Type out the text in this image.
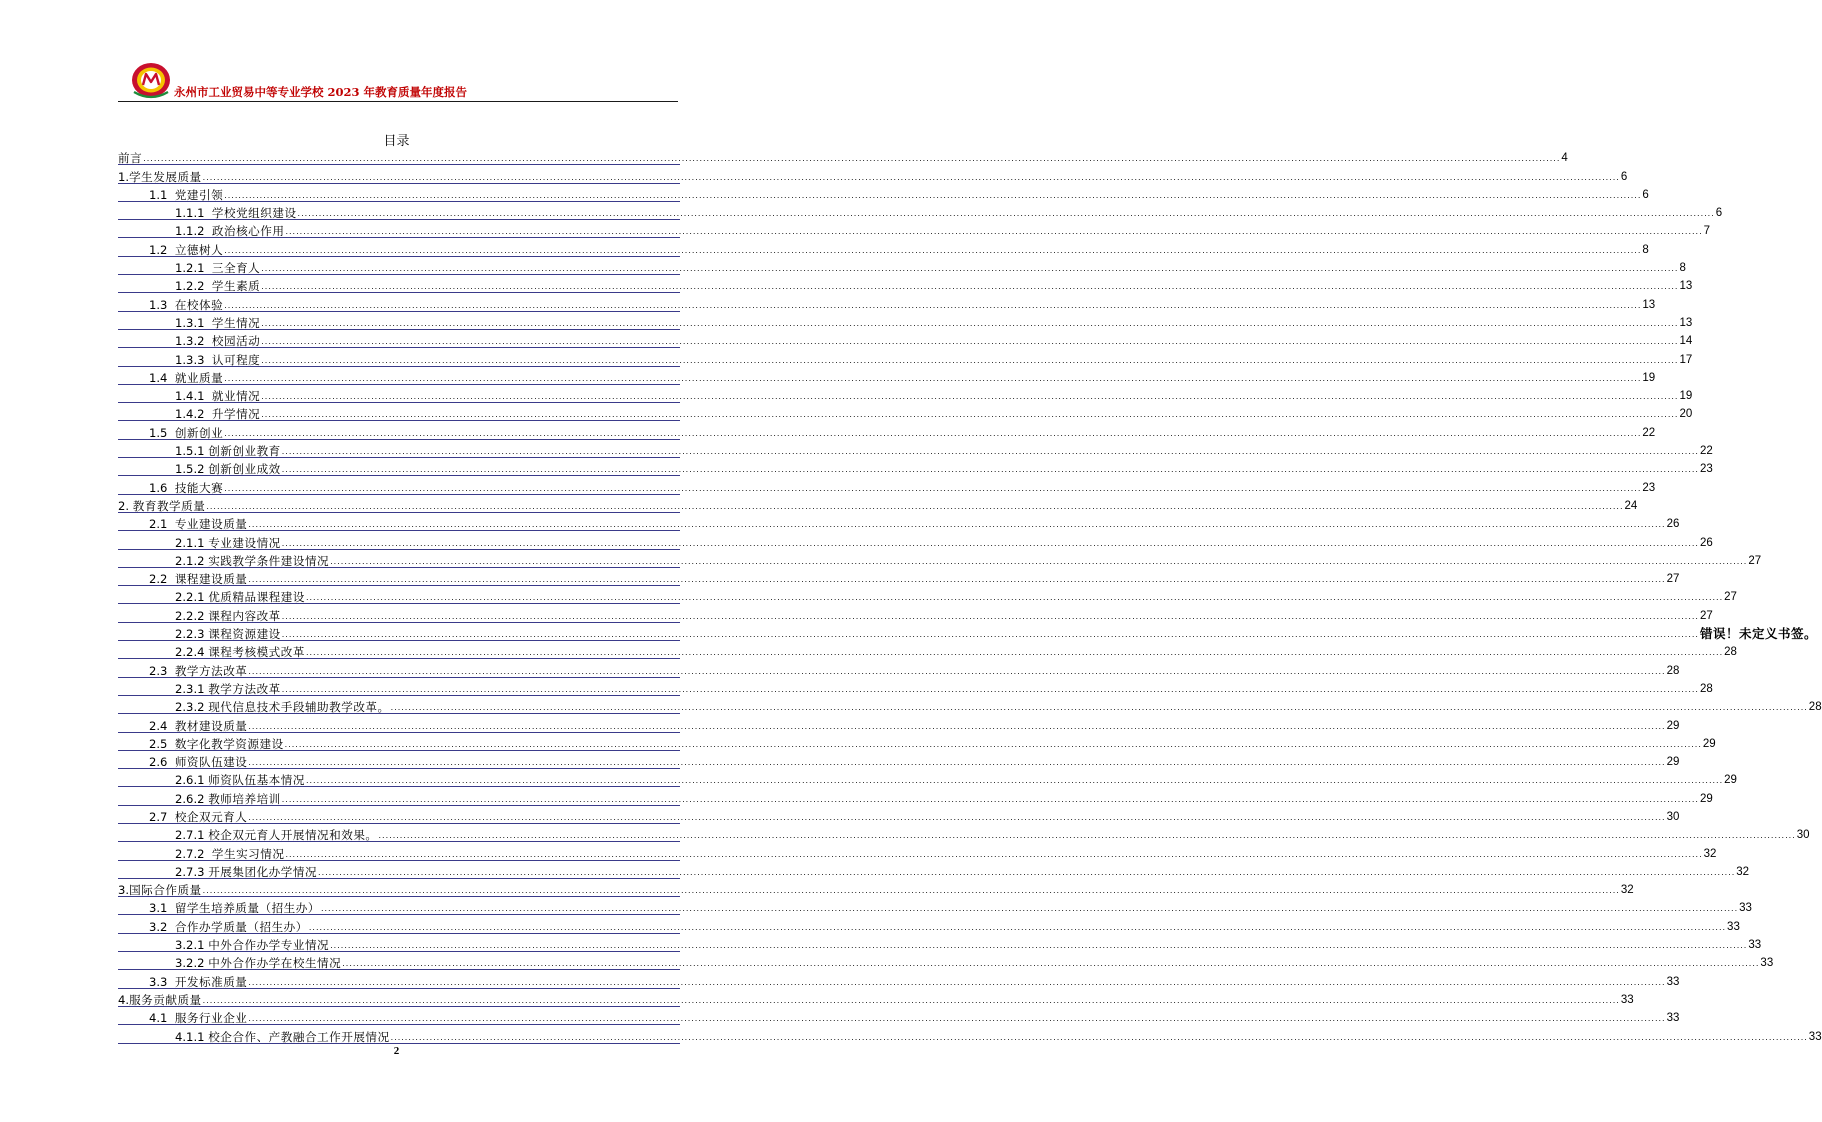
永州市工业贸易中等专业学校 2023 年教育质量年度报告
目录
前言 ................................................................................................................................................................................................................................................................................................................................................................................................................ 4
1. 学生发展质量 ................................................................................................................................................................................................................................................................................................................................................................................................................ 6
1.1 党建引领 ................................................................................................................................................................................................................................................................................................................................................................................................................ 6
1.1.1 学校党组织建设 ................................................................................................................................................................................................................................................................................................................................................................................................................ 6
1.1.2 政治核心作用 ................................................................................................................................................................................................................................................................................................................................................................................................................ 7
1.2 立德树人 ................................................................................................................................................................................................................................................................................................................................................................................................................ 8
1.2.1 三全育人 ................................................................................................................................................................................................................................................................................................................................................................................................................ 8
1.2.2 学生素质 ................................................................................................................................................................................................................................................................................................................................................................................................................ 13
1.3 在校体验 ................................................................................................................................................................................................................................................................................................................................................................................................................ 13
1.3.1 学生情况 ................................................................................................................................................................................................................................................................................................................................................................................................................ 13
1.3.2 校园活动 ................................................................................................................................................................................................................................................................................................................................................................................................................ 14
1.3.3 认可程度 ................................................................................................................................................................................................................................................................................................................................................................................................................ 17
1.4 就业质量 ................................................................................................................................................................................................................................................................................................................................................................................................................ 19
1.4.1 就业情况 ................................................................................................................................................................................................................................................................................................................................................................................................................ 19
1.4.2 升学情况 ................................................................................................................................................................................................................................................................................................................................................................................................................ 20
1.5 创新创业 ................................................................................................................................................................................................................................................................................................................................................................................................................ 22
1.5.1 创新创业教育 ................................................................................................................................................................................................................................................................................................................................................................................................................ 22
1.5.2 创新创业成效 ................................................................................................................................................................................................................................................................................................................................................................................................................ 23
1.6 技能大赛 ................................................................................................................................................................................................................................................................................................................................................................................................................ 23
2. 教育教学质量 ................................................................................................................................................................................................................................................................................................................................................................................................................ 24
2.1 专业建设质量 ................................................................................................................................................................................................................................................................................................................................................................................................................ 26
2.1.1 专业建设情况 ................................................................................................................................................................................................................................................................................................................................................................................................................ 26
2.1.2 实践教学条件建设情况 ................................................................................................................................................................................................................................................................................................................................................................................................................ 27
2.2 课程建设质量 ................................................................................................................................................................................................................................................................................................................................................................................................................ 27
2.2.1 优质精品课程建设 ................................................................................................................................................................................................................................................................................................................................................................................................................ 27
2.2.2 课程内容改革 ................................................................................................................................................................................................................................................................................................................................................................................................................ 27
2.2.3 课程资源建设 ................................................................................................................................................................................................................................................................................................................................................................................................................ 错误！未定义书签。
2.2.4 课程考核模式改革 ................................................................................................................................................................................................................................................................................................................................................................................................................ 28
2.3 教学方法改革 ................................................................................................................................................................................................................................................................................................................................................................................................................ 28
2.3.1 教学方法改革 ................................................................................................................................................................................................................................................................................................................................................................................................................ 28
2.3.2 现代信息技术手段辅助教学改革。 ................................................................................................................................................................................................................................................................................................................................................................................................................ 28
2.4 教材建设质量 ................................................................................................................................................................................................................................................................................................................................................................................................................ 29
2.5 数字化教学资源建设 ................................................................................................................................................................................................................................................................................................................................................................................................................ 29
2.6 师资队伍建设 ................................................................................................................................................................................................................................................................................................................................................................................................................ 29
2.6.1 师资队伍基本情况 ................................................................................................................................................................................................................................................................................................................................................................................................................ 29
2.6.2 教师培养培训 ................................................................................................................................................................................................................................................................................................................................................................................................................ 29
2.7 校企双元育人 ................................................................................................................................................................................................................................................................................................................................................................................................................ 30
2.7.1 校企双元育人开展情况和效果。 ................................................................................................................................................................................................................................................................................................................................................................................................................ 30
2.7.2 学生实习情况 ................................................................................................................................................................................................................................................................................................................................................................................................................ 32
2.7.3 开展集团化办学情况 ................................................................................................................................................................................................................................................................................................................................................................................................................ 32
3. 国际合作质量 ................................................................................................................................................................................................................................................................................................................................................................................................................ 32
3.1 留学生培养质量（招生办） ................................................................................................................................................................................................................................................................................................................................................................................................................ 33
3.2 合作办学质量（招生办） ................................................................................................................................................................................................................................................................................................................................................................................................................ 33
3.2.1 中外合作办学专业情况 ................................................................................................................................................................................................................................................................................................................................................................................................................ 33
3.2.2 中外合作办学在校生情况 ................................................................................................................................................................................................................................................................................................................................................................................................................ 33
3.3 开发标准质量 ................................................................................................................................................................................................................................................................................................................................................................................................................ 33
4. 服务贡献质量 ................................................................................................................................................................................................................................................................................................................................................................................................................ 33
4.1 服务行业企业 ................................................................................................................................................................................................................................................................................................................................................................................................................ 33
4.1.1 校企合作、产教融合工作开展情况 ................................................................................................................................................................................................................................................................................................................................................................................................................ 33
2
